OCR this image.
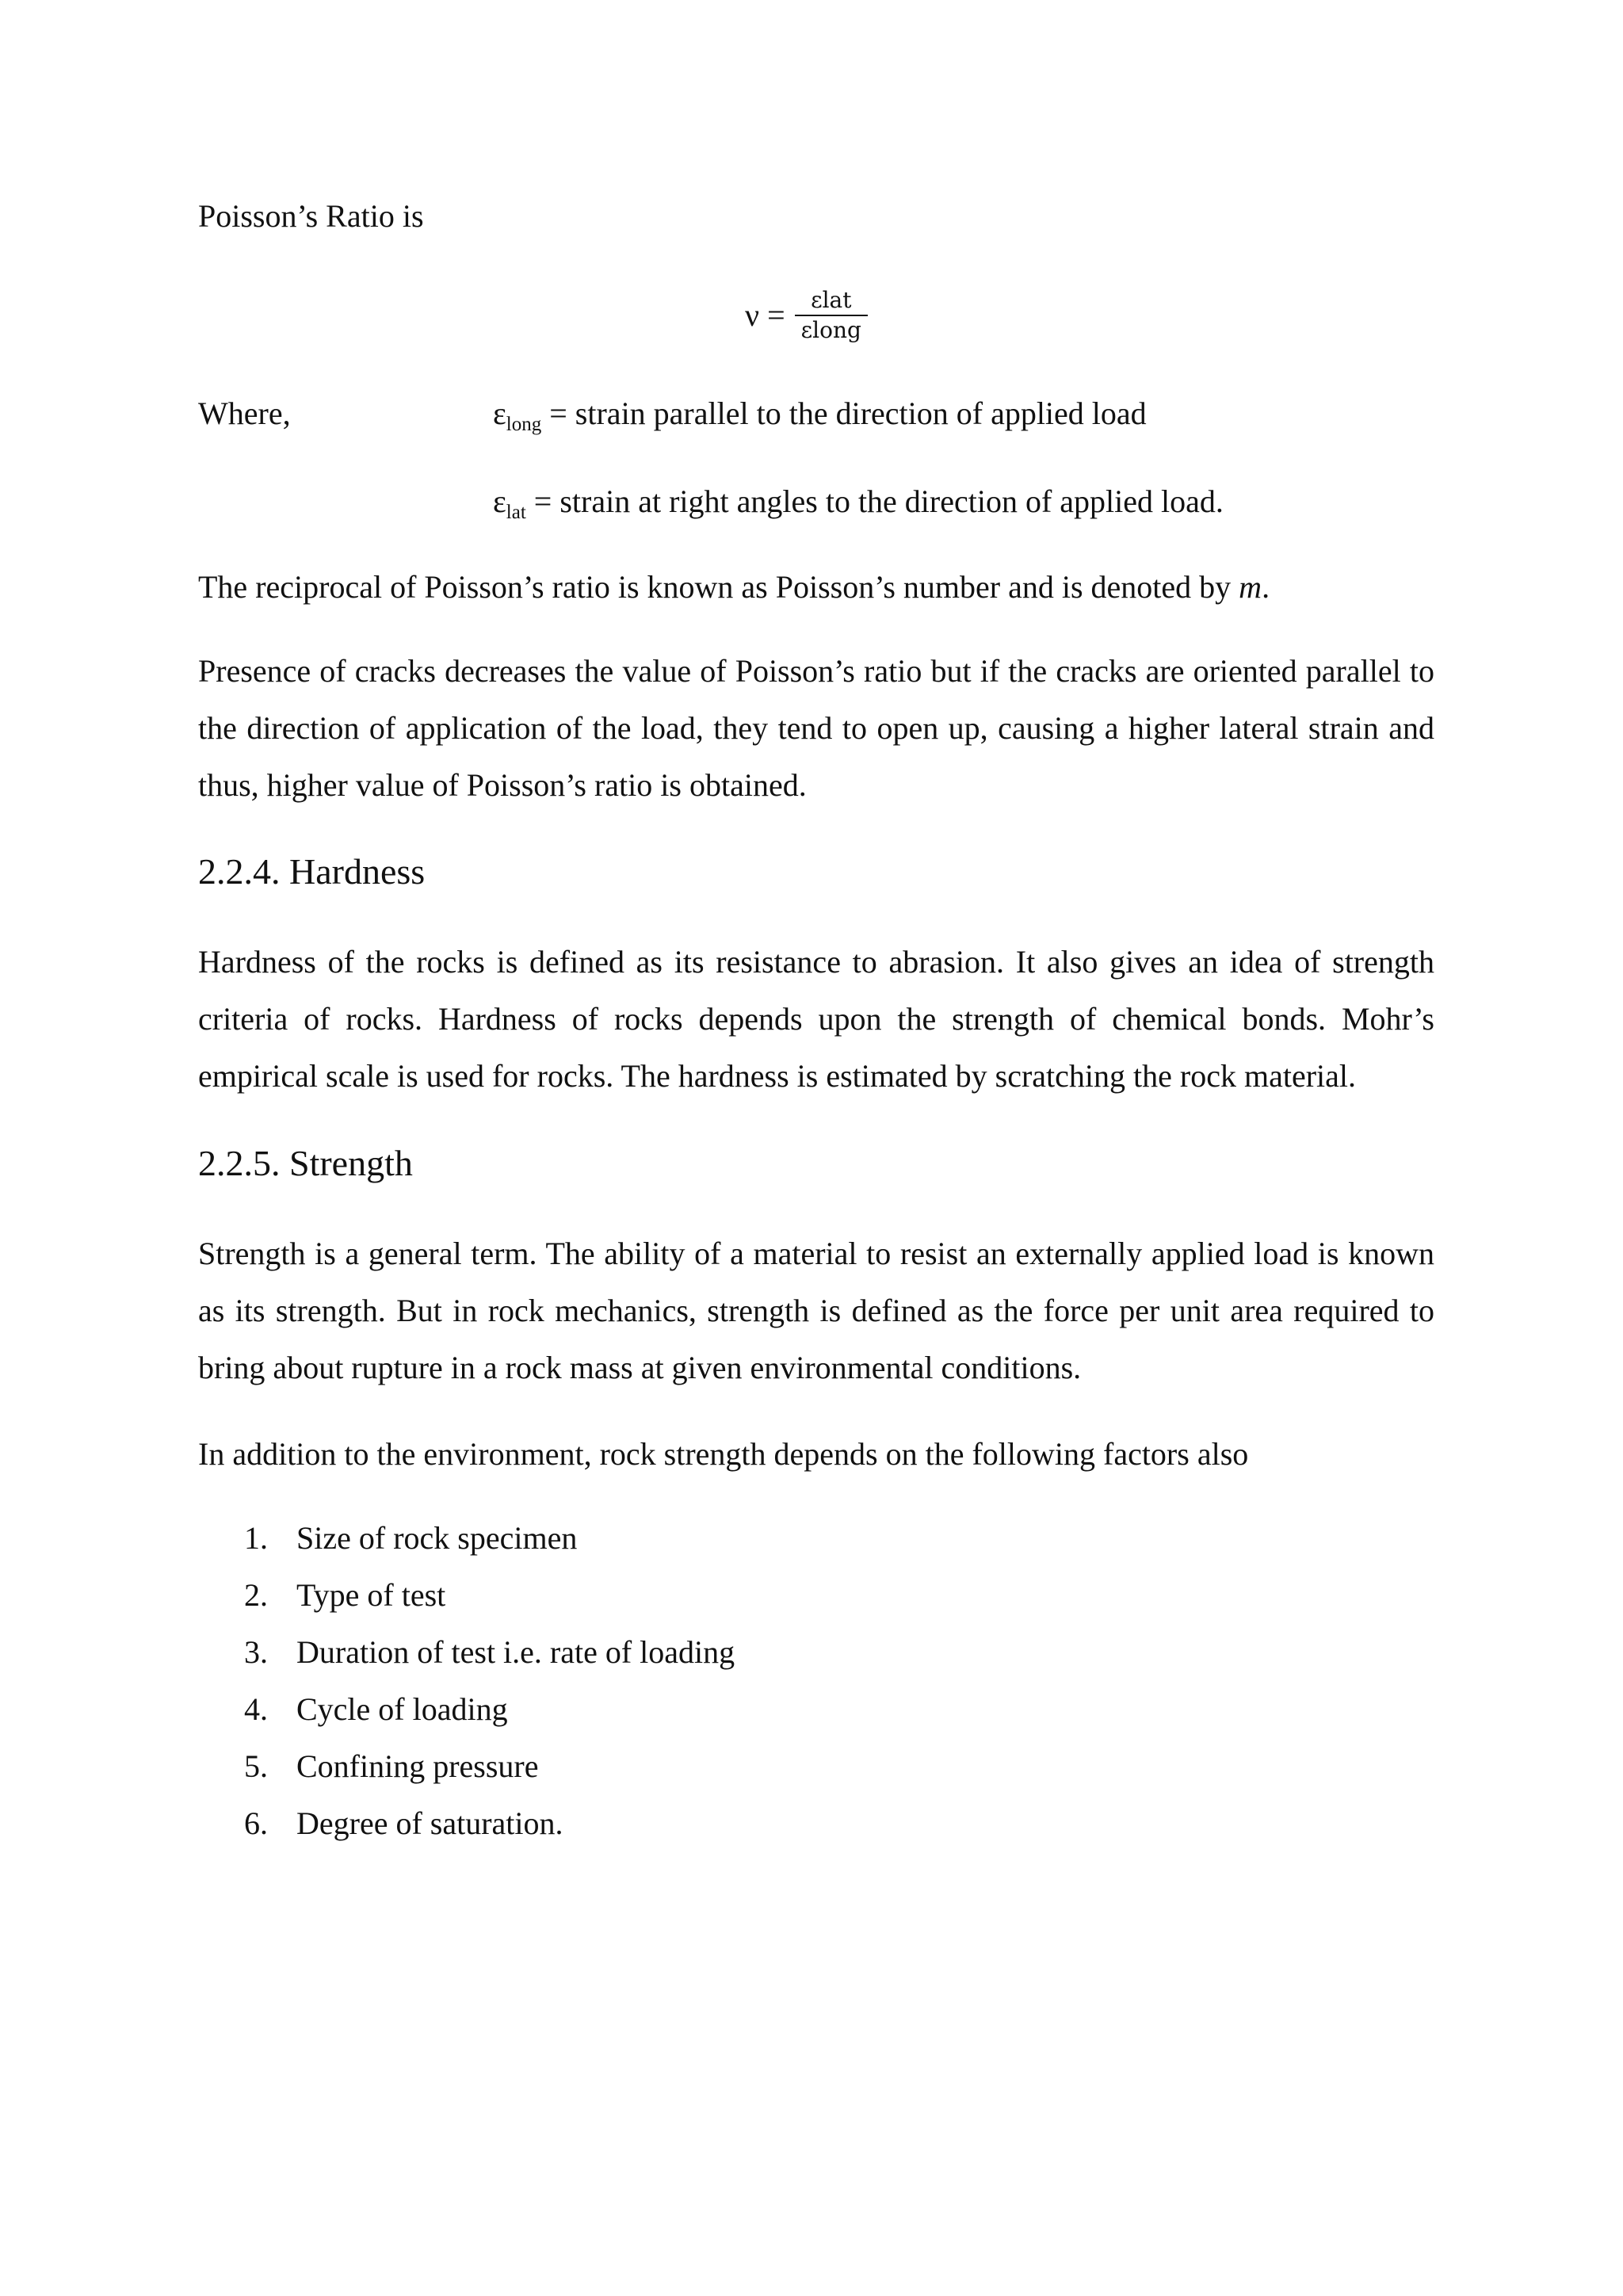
Poisson’s Ratio is

$\nu = \frac{\text{εlat}}{\text{εlong}}$
Where,	$\varepsilon_{long}$ = strain parallel to the direction of applied load
$\varepsilon_{lat}$ = strain at right angles to the direction of applied load.

The reciprocal of Poisson’s ratio is known as Poisson’s number and is denoted by m.

Presence of cracks decreases the value of Poisson’s ratio but if the cracks are oriented parallel to the direction of application of the load, they tend to open up, causing a higher lateral strain and thus, higher value of Poisson’s ratio is obtained.

2.2.4. Hardness

Hardness of the rocks is defined as its resistance to abrasion. It also gives an idea of strength criteria of rocks. Hardness of rocks depends upon the strength of chemical bonds. Mohr’s empirical scale is used for rocks. The hardness is estimated by scratching the rock material.

2.2.5. Strength

Strength is a general term. The ability of a material to resist an externally applied load is known as its strength. But in rock mechanics, strength is defined as the force per unit area required to bring about rupture in a rock mass at given environmental conditions.

In addition to the environment, rock strength depends on the following factors also

1. Size of rock specimen
2. Type of test
3. Duration of test i.e. rate of loading
4. Cycle of loading
5. Confining pressure
6. Degree of saturation.
